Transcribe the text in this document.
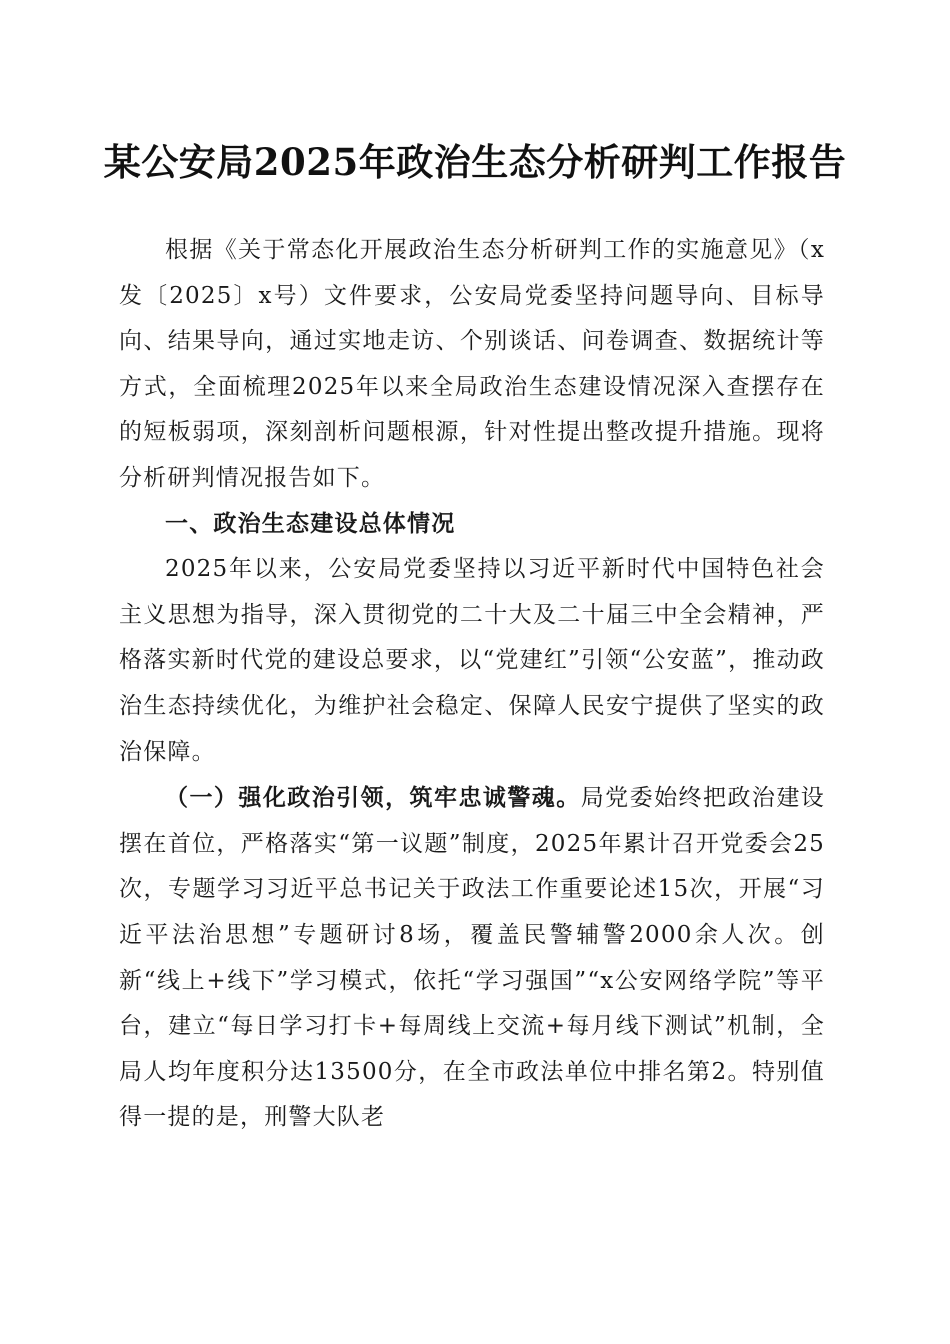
某公安局2025年政治生态分析研判工作报告

根据《关于常态化开展政治生态分析研判工作的实施意见》（x发〔2025〕x号）文件要求，公安局党委坚持问题导向、目标导向、结果导向，通过实地走访、个别谈话、问卷调查、数据统计等方式，全面梳理2025年以来全局政治生态建设情况深入查摆存在的短板弱项，深刻剖析问题根源，针对性提出整改提升措施。现将分析研判情况报告如下。

一、政治生态建设总体情况

2025年以来，公安局党委坚持以习近平新时代中国特色社会主义思想为指导，深入贯彻党的二十大及二十届三中全会精神，严格落实新时代党的建设总要求，以“党建红”引领“公安蓝”，推动政治生态持续优化，为维护社会稳定、保障人民安宁提供了坚实的政治保障。

（一）强化政治引领，筑牢忠诚警魂。局党委始终把政治建设摆在首位，严格落实“第一议题”制度，2025年累计召开党委会25次，专题学习习近平总书记关于政法工作重要论述15次，开展“习近平法治思想”专题研讨8场，覆盖民警辅警2000余人次。创新“线上+线下”学习模式，依托“学习强国”“x公安网络学院”等平台，建立“每日学习打卡+每周线上交流+每月线下测试”机制，全局人均年度积分达13500分，在全市政法单位中排名第2。特别值得一提的是，刑警大队老
